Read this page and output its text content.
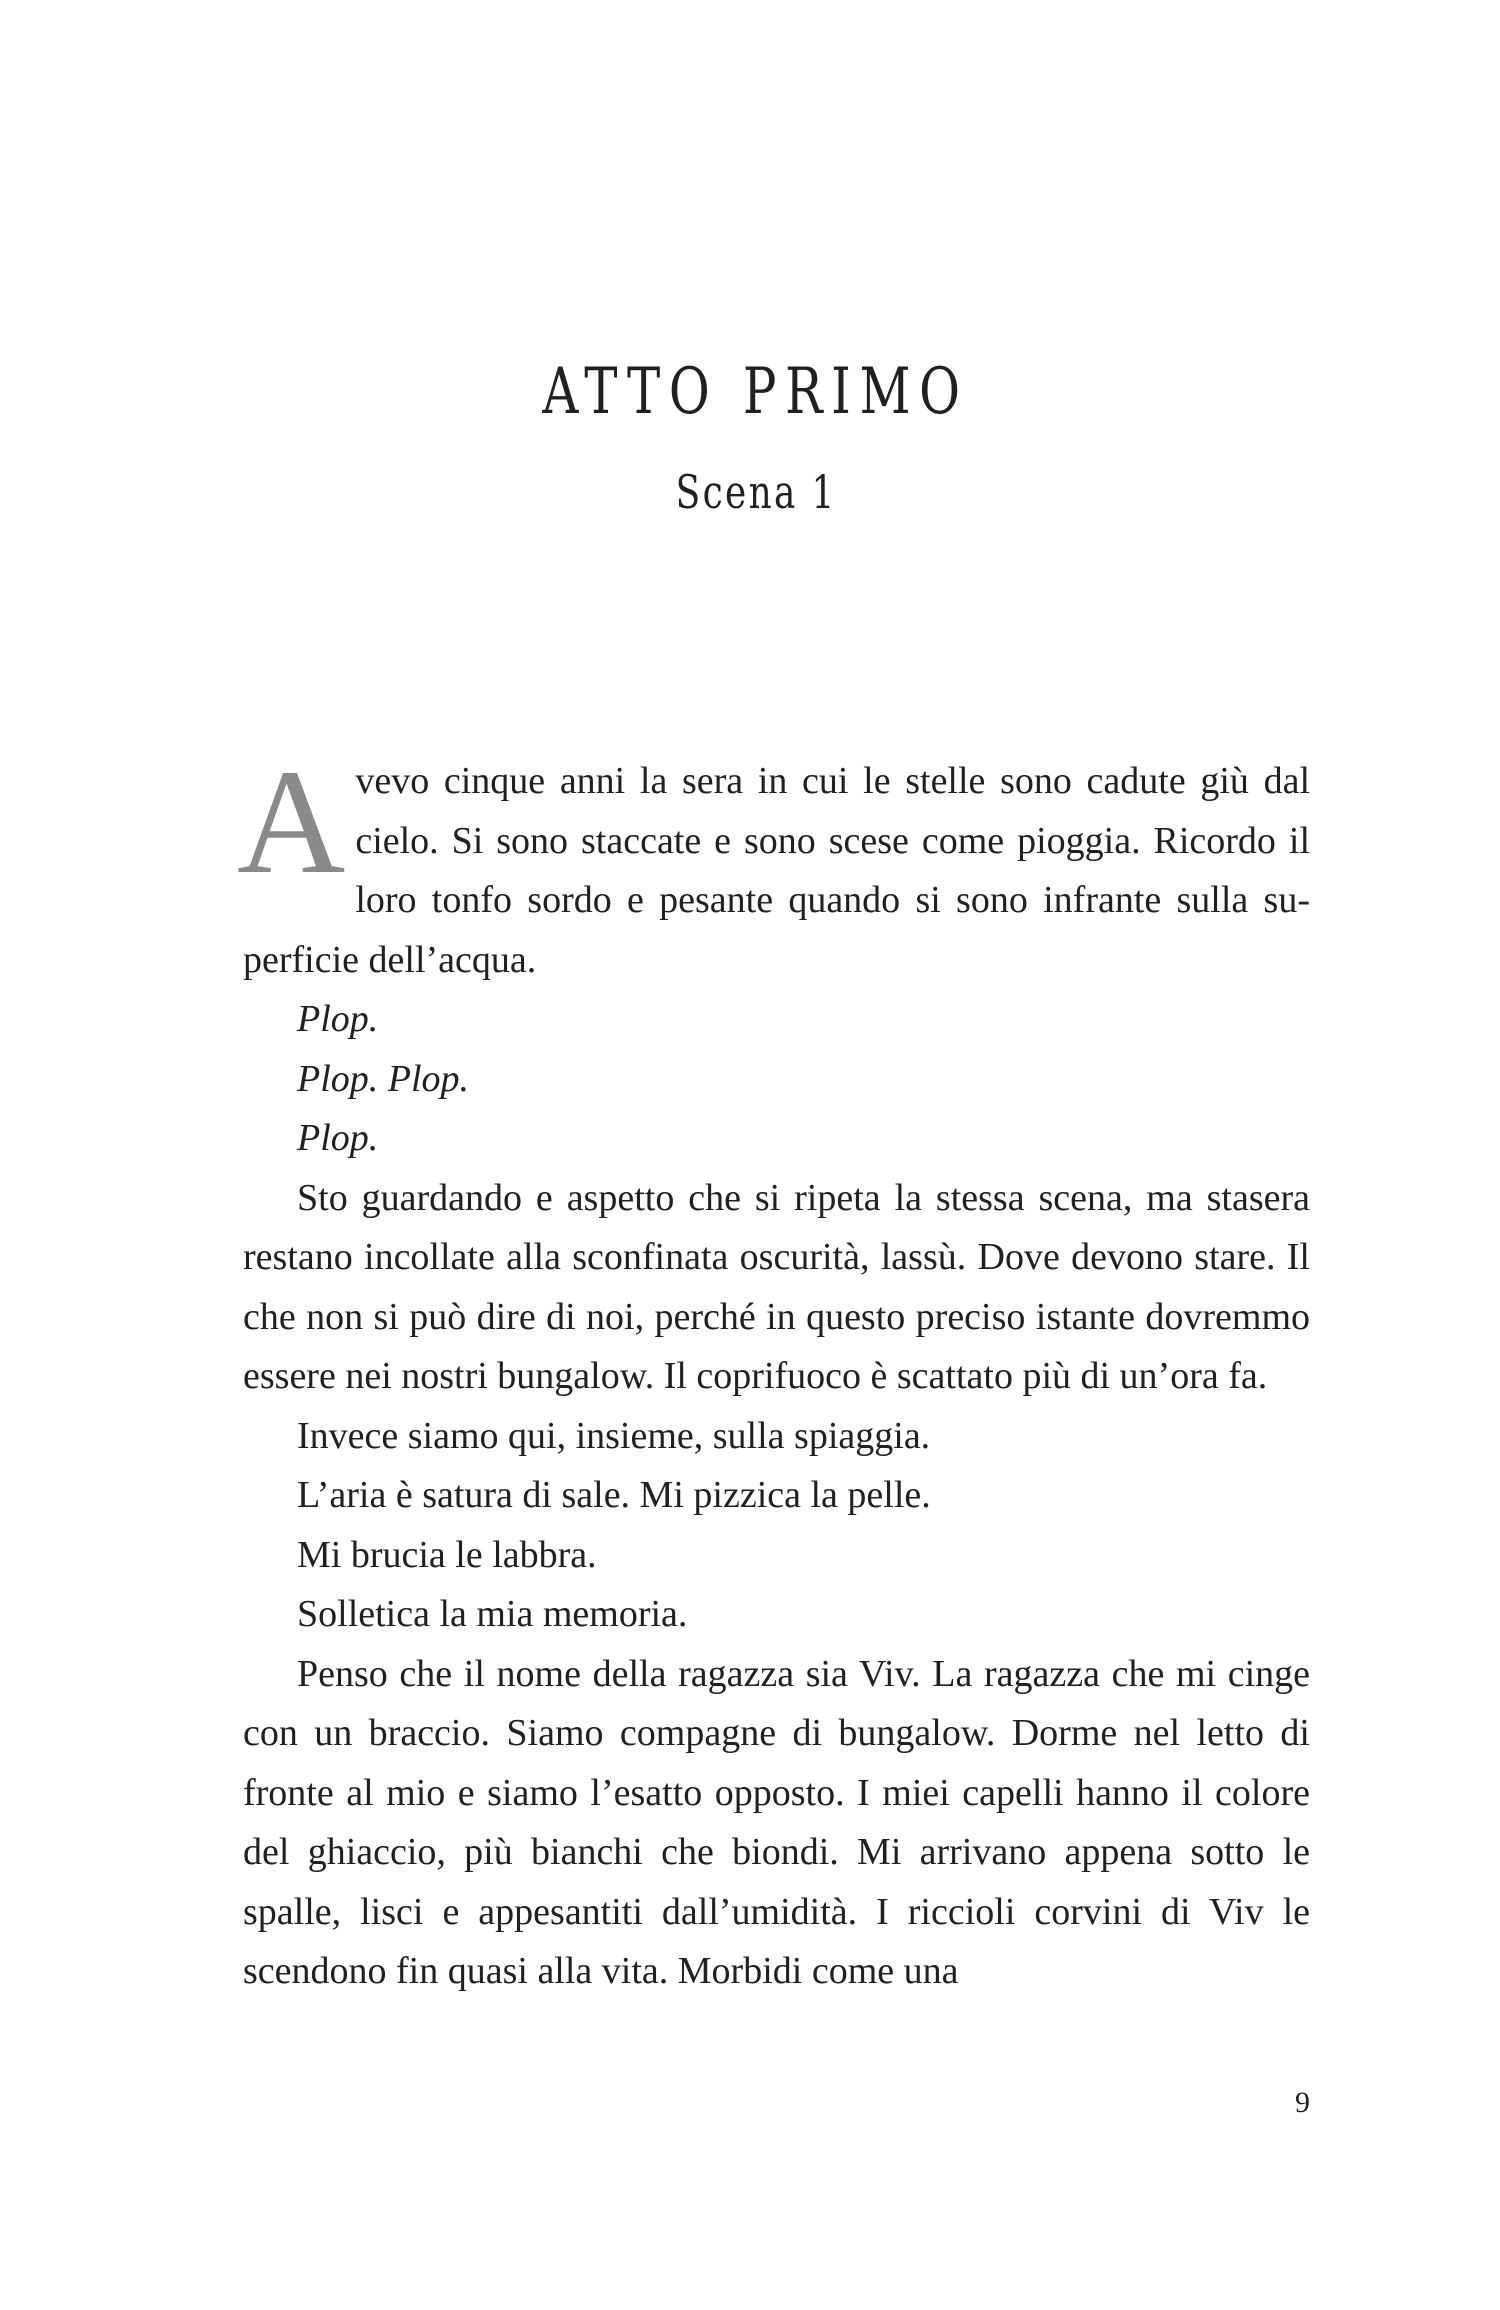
ATTO PRIMO
Scena 1

Avevo cinque anni la sera in cui le stelle sono cadute giù dal cielo. Si sono staccate e sono scese come pioggia. Ricordo il loro tonfo sordo e pesante quando si sono infrante sulla superficie dell’acqua.

Plop.

Plop. Plop.

Plop.

Sto guardando e aspetto che si ripeta la stessa scena, ma stasera restano incollate alla sconfinata oscurità, lassù. Dove devono stare. Il che non si può dire di noi, perché in questo preciso istante dovremmo essere nei nostri bungalow. Il coprifuoco è scattato più di un’ora fa.

Invece siamo qui, insieme, sulla spiaggia.

L’aria è satura di sale. Mi pizzica la pelle.

Mi brucia le labbra.

Solletica la mia memoria.

Penso che il nome della ragazza sia Viv. La ragazza che mi cinge con un braccio. Siamo compagne di bungalow. Dorme nel letto di fronte al mio e siamo l’esatto opposto. I miei capelli hanno il colore del ghiaccio, più bianchi che biondi. Mi arrivano appena sotto le spalle, lisci e appesantiti dall’umidità. I riccioli corvini di Viv le scendono fin quasi alla vita. Morbidi come una

9
